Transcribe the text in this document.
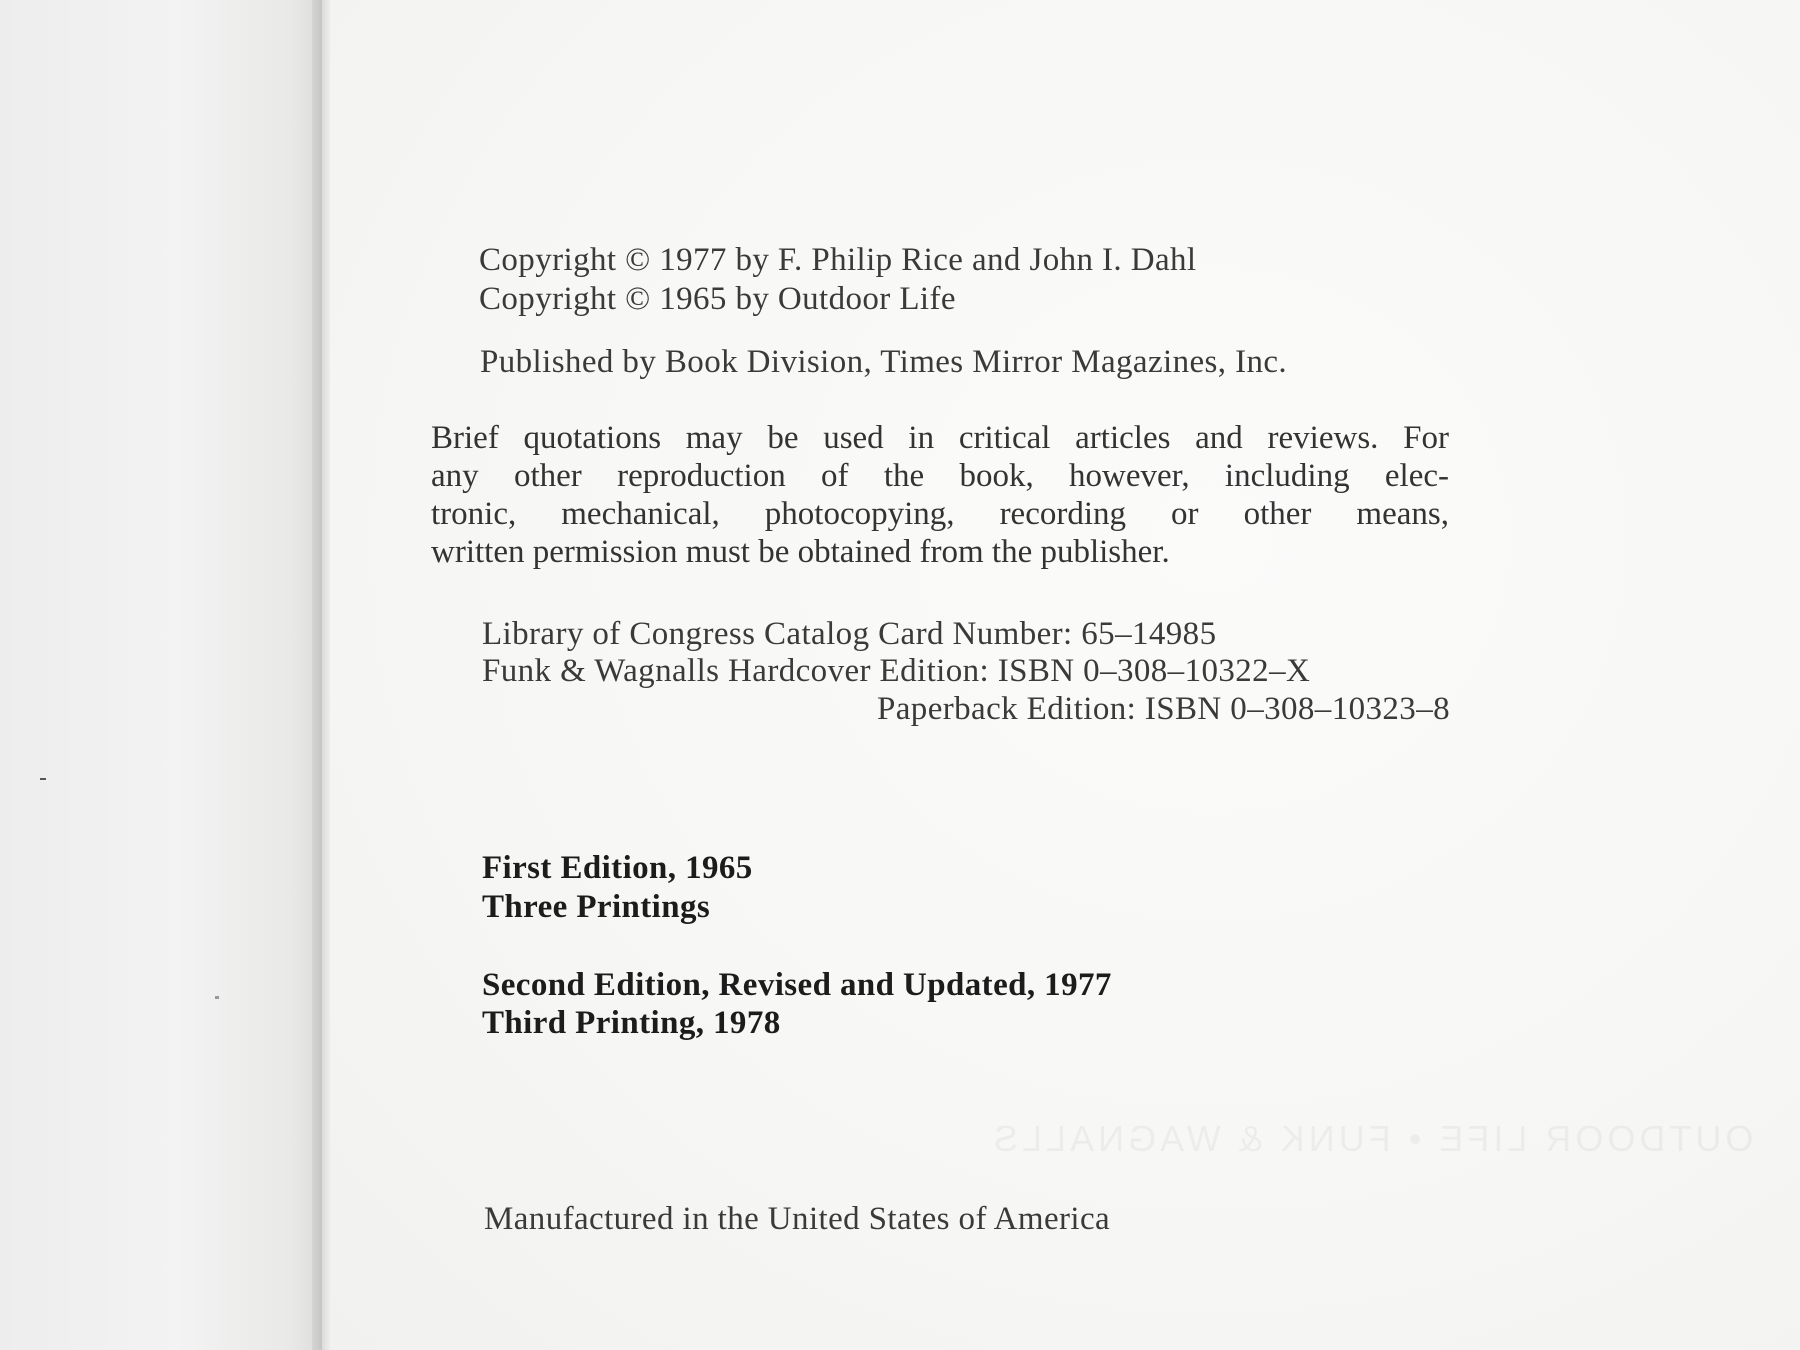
Copyright © 1977 by F. Philip Rice and John I. Dahl
Copyright © 1965 by Outdoor Life
Published by Book Division, Times Mirror Magazines, Inc.
Brief quotations may be used in critical articles and reviews. For
any other reproduction of the book, however, including elec-
tronic, mechanical, photocopying, recording or other means,
written permission must be obtained from the publisher.
Library of Congress Catalog Card Number: 65–14985
Funk & Wagnalls Hardcover Edition: ISBN 0–308–10322–X
Paperback Edition: ISBN 0–308–10323–8
First Edition, 1965
Three Printings
Second Edition, Revised and Updated, 1977
Third Printing, 1978
Manufactured in the United States of America
